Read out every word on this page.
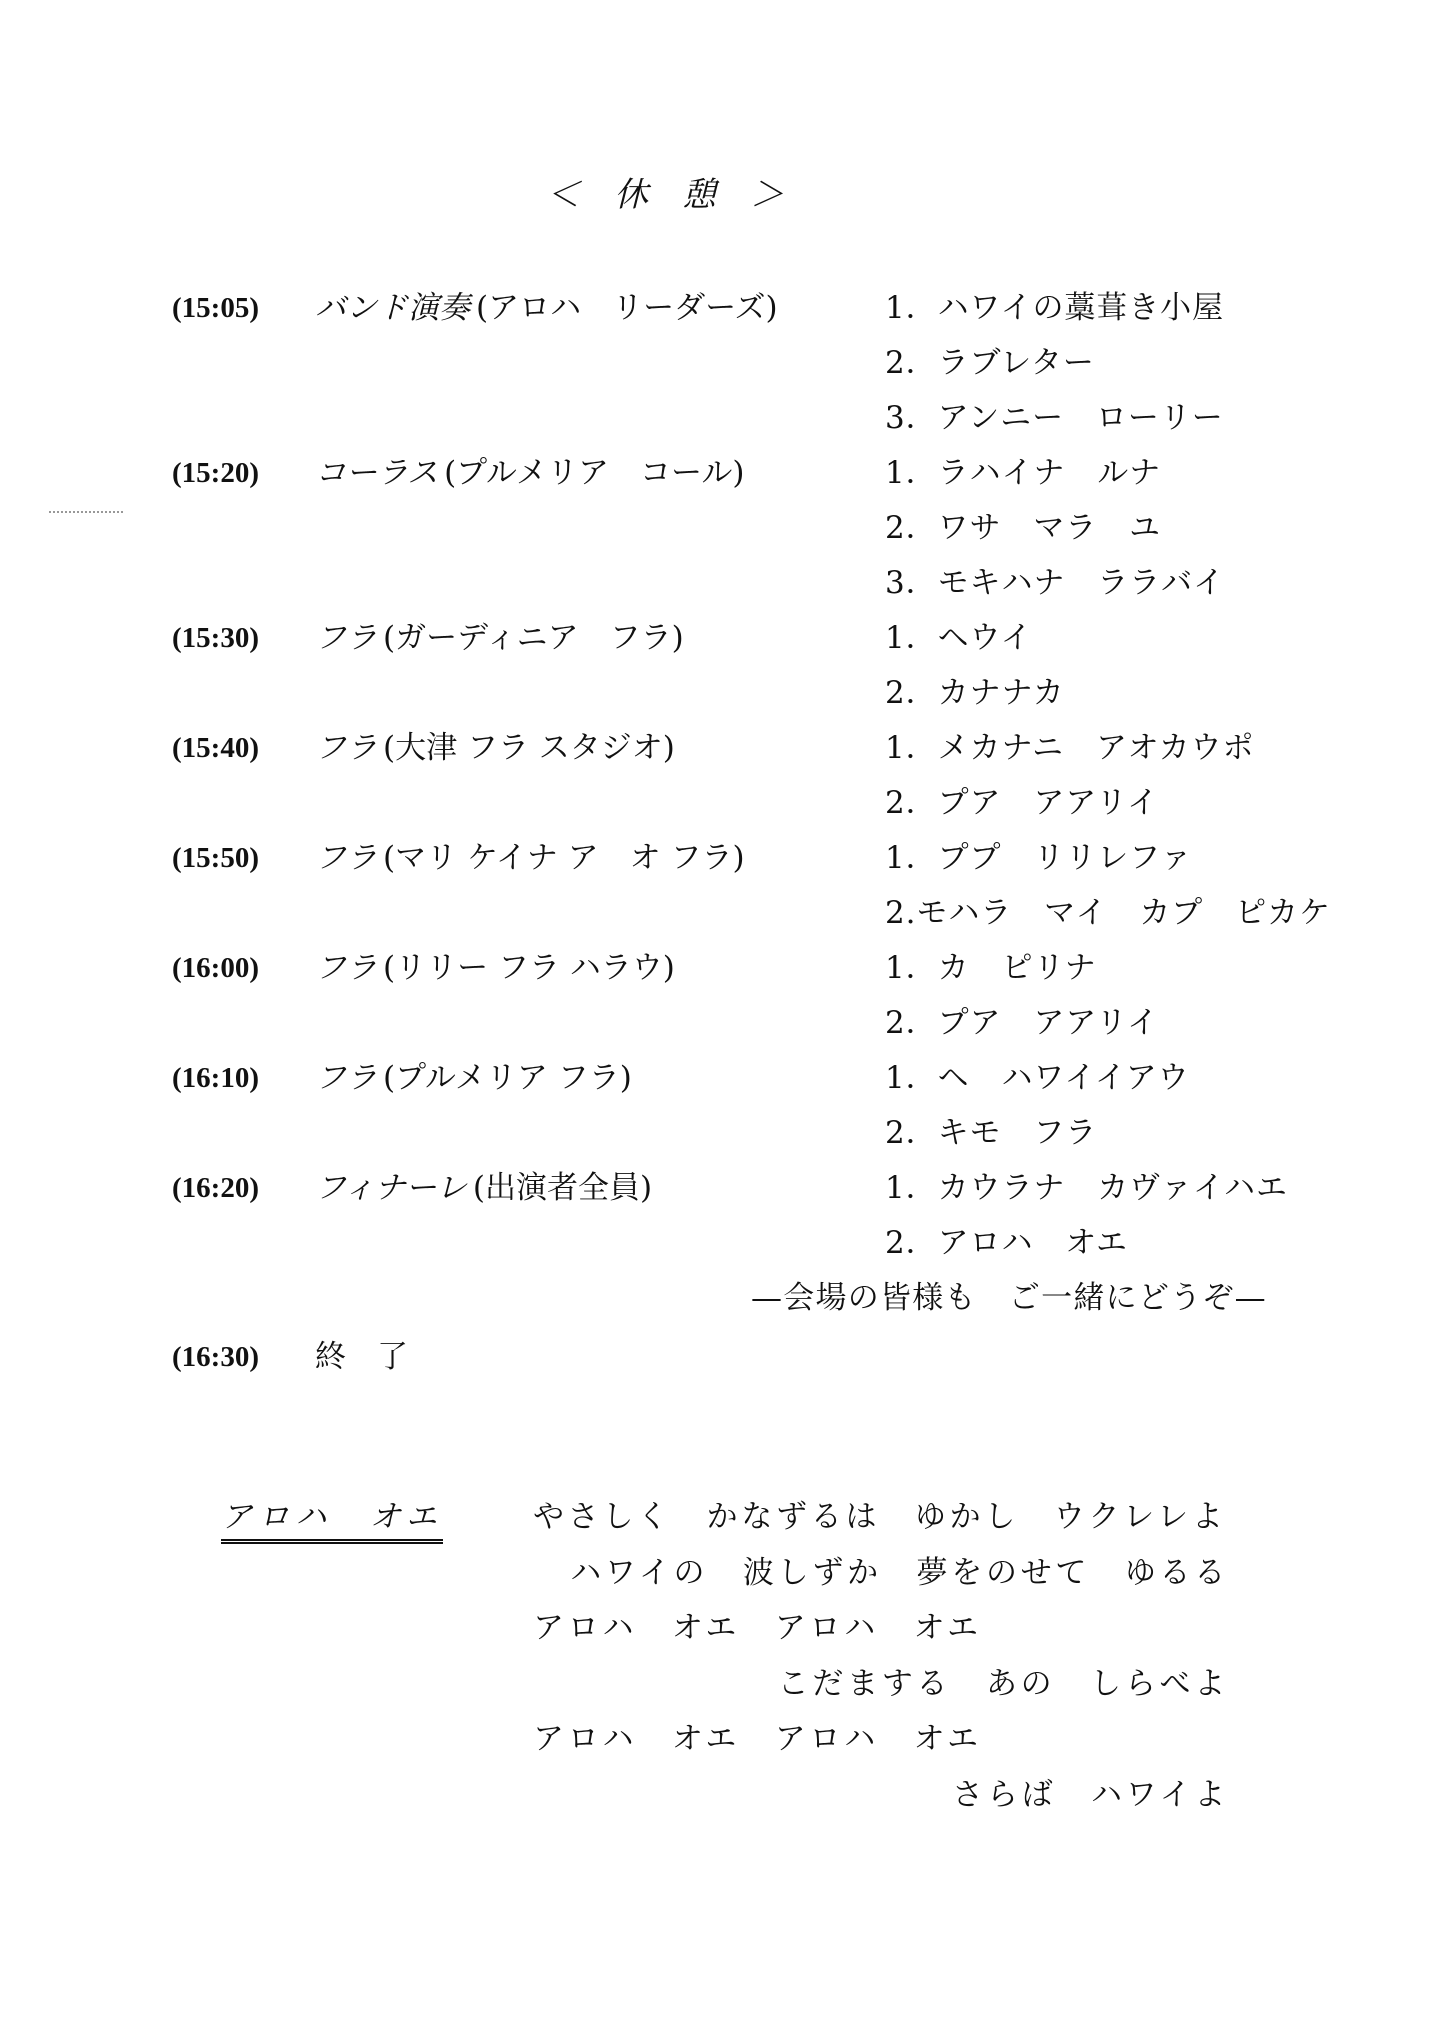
＜　休　憩　＞
(15:05)	バンド演奏 (アロハ　リーダーズ)	1．ハワイの藁葺き小屋
2．ラブレター
3．アンニー　ローリー
(15:20)	コーラス (プルメリア　コール)	1．ラハイナ　ルナ
2．ワサ　マラ　ユ
3．モキハナ　ララバイ
(15:30)	フラ (ガーディニア　フラ)	1．ヘウイ
2．カナナカ
(15:40)	フラ (大津 フラ スタジオ)	1．メカナニ　アオカウポ
2．プア　アアリイ
(15:50)	フラ (マリ ケイナ ア　オ フラ)	1．ププ　リリレファ
2.モハラ　マイ　カプ　ピカケ
(16:00)	フラ (リリー フラ ハラウ)	1．カ　ピリナ
2．プア　アアリイ
(16:10)	フラ (プルメリア フラ)	1．ヘ　ハワイイアウ
2．キモ　フラ
(16:20)	フィナーレ (出演者全員)	1．カウラナ　カヴァイハエ
2．アロハ　オエ
—会場の皆様も　ご一緒にどうぞ—
(16:30)	終　了
アロハ　オエ	やさしく　かなずるは　ゆかし　ウクレレよ
ハワイの　波しずか　夢をのせて　ゆるる
アロハ　オエ　アロハ　オエ
こだまする　あの　しらべよ
アロハ　オエ　アロハ　オエ
さらば　ハワイよ
